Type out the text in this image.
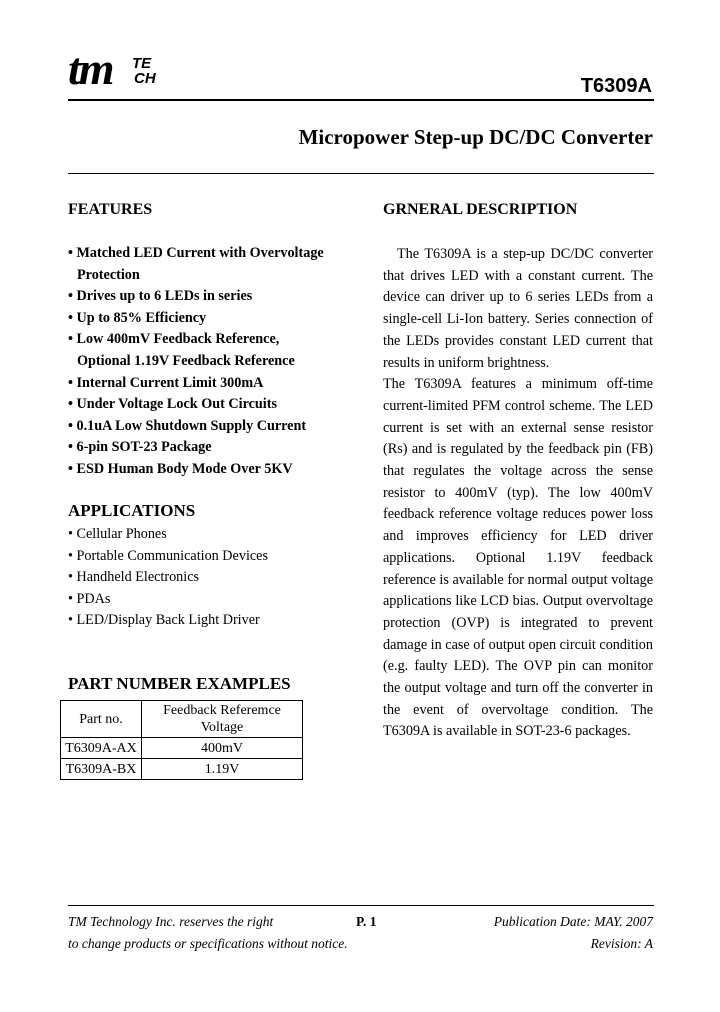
tm TE
CH	T6309A
Micropower Step-up DC/DC Converter
FEATURES
• Matched LED Current with Overvoltage
Protection
• Drives up to 6 LEDs in series
• Up to 85% Efficiency
• Low 400mV Feedback Reference,
Optional 1.19V Feedback Reference
• Internal Current Limit 300mA
• Under Voltage Lock Out Circuits
• 0.1uA Low Shutdown Supply Current
• 6-pin SOT-23 Package
• ESD Human Body Mode Over 5KV
APPLICATIONS
• Cellular Phones
• Portable Communication Devices
• Handheld Electronics
• PDAs
• LED/Display Back Light Driver
PART NUMBER EXAMPLES
Part no.	Feedback Referemce
Voltage
T6309A-AX	400mV
T6309A-BX	1.19V
GRNERAL DESCRIPTION

The T6309A is a step-up DC/DC converter that drives LED with a constant current. The device can driver up to 6 series LEDs from a single-cell Li-Ion battery. Series connection of the LEDs provides constant LED current that results in uniform brightness.

The T6309A features a minimum off-time current-limited PFM control scheme. The LED current is set with an external sense resistor (Rs) and is regulated by the feedback pin (FB) that regulates the voltage across the sense resistor to 400mV (typ). The low 400mV feedback reference voltage reduces power loss and improves efficiency for LED driver applications. Optional 1.19V feedback reference is available for normal output voltage applications like LCD bias. Output overvoltage protection (OVP) is integrated to prevent damage in case of output open circuit condition (e.g. faulty LED). The OVP pin can monitor the output voltage and turn off the converter in the event of overvoltage condition. The T6309A is available in SOT-23-6 packages.

TM Technology Inc. reserves the right
to change products or specifications without notice.
P. 1	Publication Date: MAY. 2007
Revision: A
